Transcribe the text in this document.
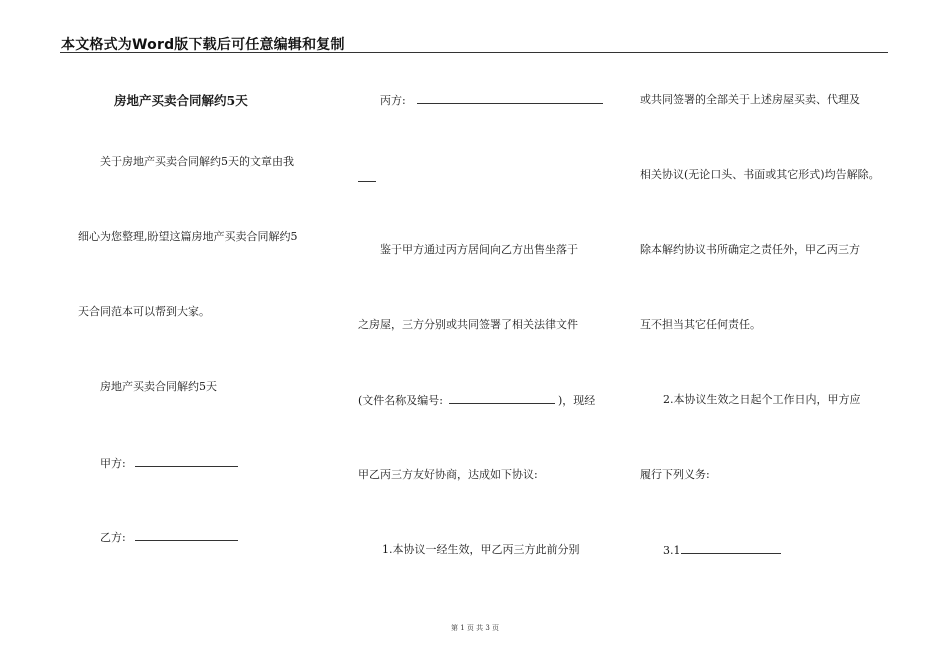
本文格式为Word版下载后可任意编辑和复制
房地产买卖合同解约5天
关于房地产买卖合同解约5天的文章由我
细心为您整理,盼望这篇房地产买卖合同解约5
天合同范本可以帮到大家。
房地产买卖合同解约5天
甲方:
乙方:
丙方:
鉴于甲方通过丙方居间向乙方出售坐落于
之房屋，三方分别或共同签署了相关法律文件
(文件名称及编号:	)，现经
甲乙丙三方友好协商，达成如下协议:
1.本协议一经生效，甲乙丙三方此前分别
或共同签署的全部关于上述房屋买卖、代理及
相关协议(无论口头、书面或其它形式)均告解除。
除本解约协议书所确定之责任外，甲乙丙三方
互不担当其它任何责任。
2.本协议生效之日起个工作日内，甲方应
履行下列义务:
3.1
第 1 页 共 3 页
